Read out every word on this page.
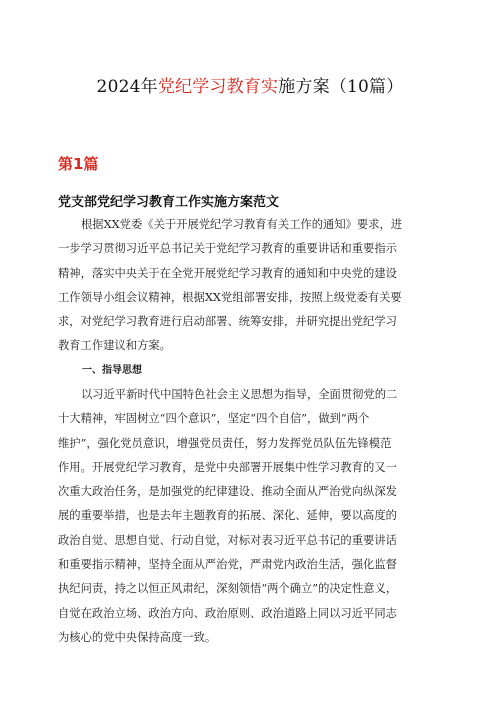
2024年党纪学习教育实施方案（10篇）
第1篇
党支部党纪学习教育工作实施方案范文
根据XX党委《关于开展党纪学习教育有关工作的通知》要求，进
一步学习贯彻习近平总书记关于党纪学习教育的重要讲话和重要指示
精神，落实中央关于在全党开展党纪学习教育的通知和中央党的建设
工作领导小组会议精神，根据XX党组部署安排，按照上级党委有关要
求，对党纪学习教育进行启动部署、统筹安排，并研究提出党纪学习
教育工作建议和方案。
一、指导思想
以习近平新时代中国特色社会主义思想为指导，全面贯彻党的二
十大精神，牢固树立“四个意识”，坚定“四个自信”，做到“两个
维护”，强化党员意识，增强党员责任，努力发挥党员队伍先锋模范
作用。开展党纪学习教育，是党中央部署开展集中性学习教育的又一
次重大政治任务，是加强党的纪律建设、推动全面从严治党向纵深发
展的重要举措，也是去年主题教育的拓展、深化、延伸，要以高度的
政治自觉、思想自觉、行动自觉，对标对表习近平总书记的重要讲话
和重要指示精神，坚持全面从严治党，严肃党内政治生活，强化监督
执纪问责，持之以恒正风肃纪，深刻领悟“两个确立”的决定性意义，
自觉在政治立场、政治方向、政治原则、政治道路上同以习近平同志
为核心的党中央保持高度一致。
